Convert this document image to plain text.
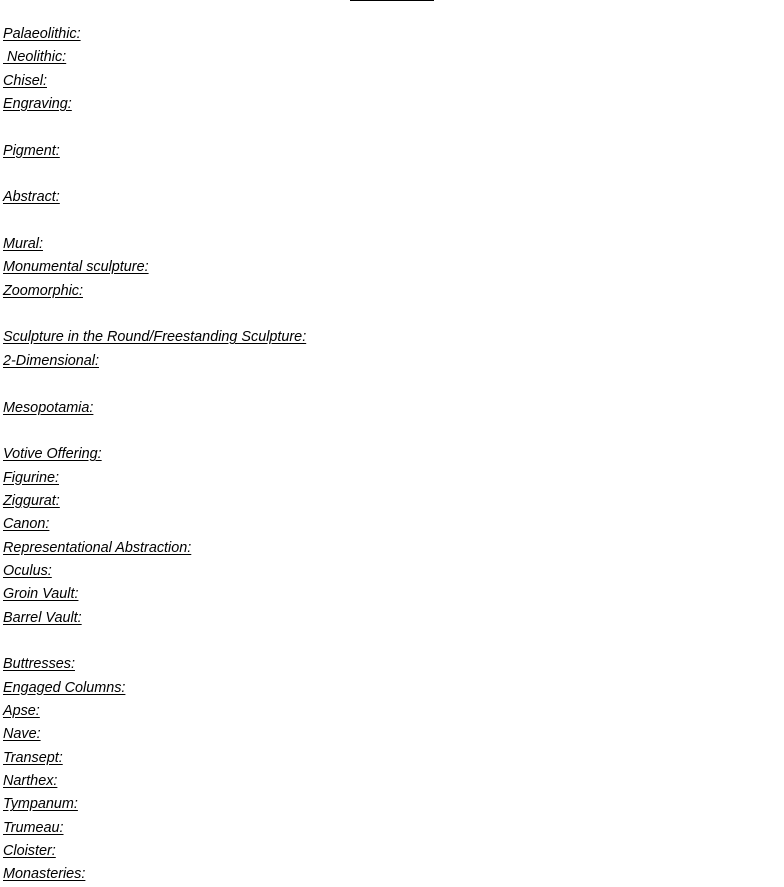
Palaeolithic:
Neolithic:
Chisel:
Engraving:
Pigment:
Abstract:
Mural:
Monumental sculpture:
Zoomorphic:
Sculpture in the Round/Freestanding Sculpture:
2-Dimensional:
Mesopotamia:
Votive Offering:
Figurine:
Ziggurat:
Canon:
Representational Abstraction:
Oculus:
Groin Vault:
Barrel Vault:
Buttresses:
Engaged Columns:
Apse:
Nave:
Transept:
Narthex:
Tympanum:
Trumeau:
Cloister:
Monasteries:
